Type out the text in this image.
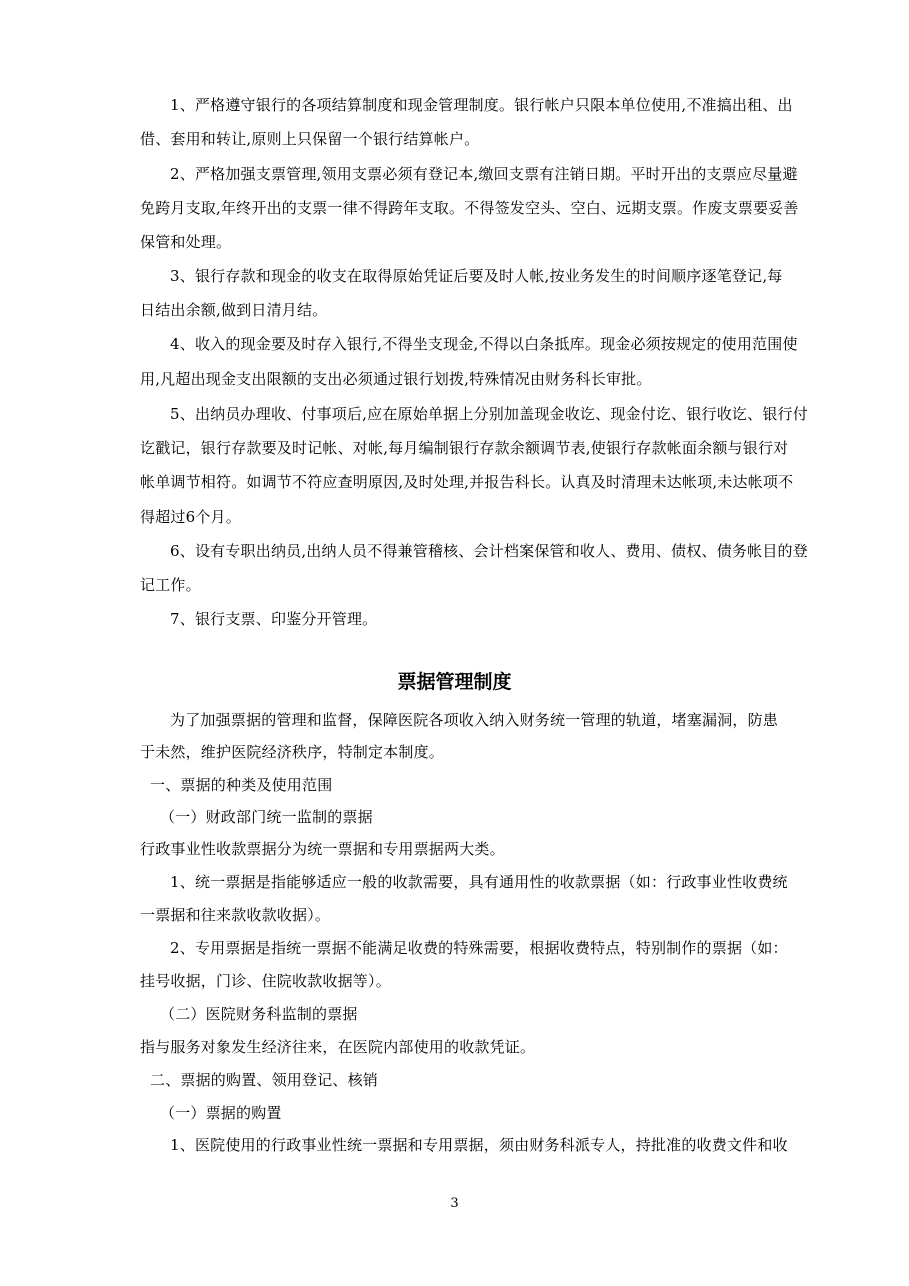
1、严格遵守银行的各项结算制度和现金管理制度。银行帐户只限本单位使用,不准搞出租、出
借、套用和转让,原则上只保留一个银行结算帐户。
2、严格加强支票管理,领用支票必须有登记本,缴回支票有注销日期。平时开出的支票应尽量避
免跨月支取,年终开出的支票一律不得跨年支取。不得签发空头、空白、远期支票。作废支票要妥善
保管和处理。
3、银行存款和现金的收支在取得原始凭证后要及时人帐,按业务发生的时间顺序逐笔登记,每
日结出余额,做到日清月结。
4、收入的现金要及时存入银行,不得坐支现金,不得以白条抵库。现金必须按规定的使用范围使
用,凡超出现金支出限额的支出必须通过银行划拨,特殊情况由财务科长审批。
5、出纳员办理收、付事项后,应在原始单据上分别加盖现金收讫、现金付讫、银行收讫、银行付
讫戳记，银行存款要及时记帐、对帐,每月编制银行存款余额调节表,使银行存款帐面余额与银行对
帐单调节相符。如调节不符应查明原因,及时处理,并报告科长。认真及时清理未达帐项,未达帐项不
得超过6个月。
6、设有专职出纳员,出纳人员不得兼管稽核、会计档案保管和收人、费用、债权、债务帐目的登
记工作。
7、银行支票、印鉴分开管理。
票据管理制度
为了加强票据的管理和监督，保障医院各项收入纳入财务统一管理的轨道，堵塞漏洞，防患
于未然，维护医院经济秩序，特制定本制度。
一、票据的种类及使用范围
（一）财政部门统一监制的票据
行政事业性收款票据分为统一票据和专用票据两大类。
1、统一票据是指能够适应一般的收款需要，具有通用性的收款票据（如：行政事业性收费统
一票据和往来款收款收据）。
2、专用票据是指统一票据不能满足收费的特殊需要，根据收费特点，特别制作的票据（如：
挂号收据，门诊、住院收款收据等）。
（二）医院财务科监制的票据
指与服务对象发生经济往来，在医院内部使用的收款凭证。
二、票据的购置、领用登记、核销
（一）票据的购置
1、医院使用的行政事业性统一票据和专用票据，须由财务科派专人，持批准的收费文件和收
3
